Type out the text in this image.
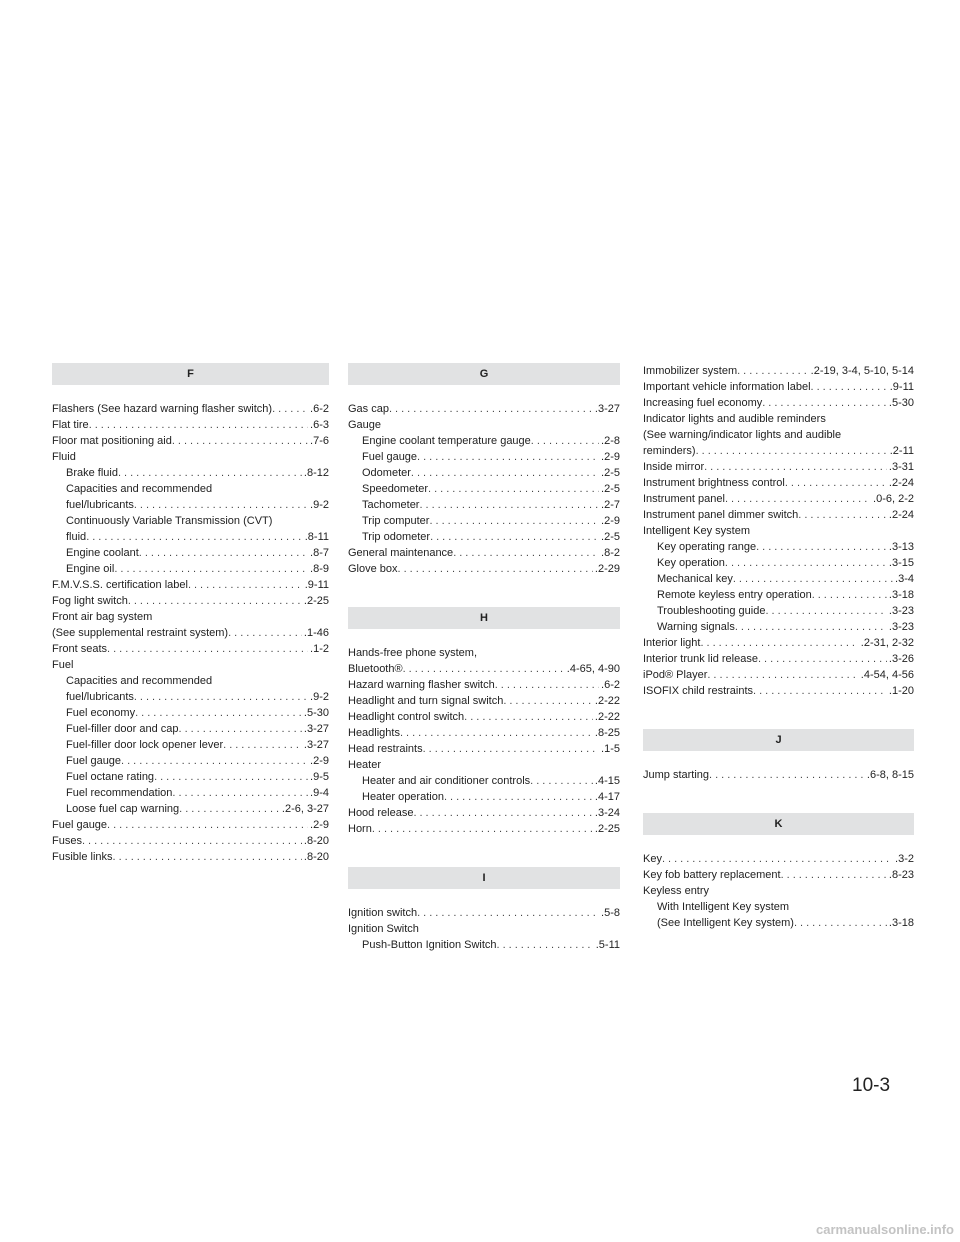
F
Flashers (See hazard warning flasher switch) .....	.6-2
Flat tire .....	.6-3
Floor mat positioning aid .....	.7-6
Fluid
Brake fluid .....	.8-12
Capacities and recommended
fuel/lubricants .....	.9-2
Continuously Variable Transmission (CVT)
fluid .....	.8-11
Engine coolant .....	.8-7
Engine oil .....	.8-9
F.M.V.S.S. certification label .....	.9-11
Fog light switch .....	.2-25
Front air bag system
(See supplemental restraint system) .....	.1-46
Front seats .....	.1-2
Fuel
Capacities and recommended
fuel/lubricants .....	.9-2
Fuel economy .....	.5-30
Fuel-filler door and cap .....	.3-27
Fuel-filler door lock opener lever .....	.3-27
Fuel gauge .....	.2-9
Fuel octane rating .....	.9-5
Fuel recommendation .....	.9-4
Loose fuel cap warning .....	.2-6, 3-27
Fuel gauge .....	.2-9
Fuses .....	.8-20
Fusible links .....	.8-20
G
Gas cap .....	.3-27
Gauge
Engine coolant temperature gauge .....	.2-8
Fuel gauge .....	.2-9
Odometer .....	.2-5
Speedometer .....	.2-5
Tachometer .....	.2-7
Trip computer .....	.2-9
Trip odometer .....	.2-5
General maintenance .....	.8-2
Glove box .....	.2-29
H
Hands-free phone system,
Bluetooth® .....	.4-65, 4-90
Hazard warning flasher switch .....	.6-2
Headlight and turn signal switch .....	.2-22
Headlight control switch .....	.2-22
Headlights .....	.8-25
Head restraints .....	.1-5
Heater
Heater and air conditioner controls .....	.4-15
Heater operation .....	.4-17
Hood release .....	.3-24
Horn .....	.2-25
I
Ignition switch .....	.5-8
Ignition Switch
Push-Button Ignition Switch .....	.5-11
Immobilizer system .....	.2-19, 3-4, 5-10, 5-14
Important vehicle information label .....	.9-11
Increasing fuel economy .....	.5-30
Indicator lights and audible reminders
(See warning/indicator lights and audible
reminders) .....	.2-11
Inside mirror .....	.3-31
Instrument brightness control .....	.2-24
Instrument panel .....	.0-6, 2-2
Instrument panel dimmer switch .....	.2-24
Intelligent Key system
Key operating range .....	.3-13
Key operation .....	.3-15
Mechanical key .....	.3-4
Remote keyless entry operation .....	.3-18
Troubleshooting guide .....	.3-23
Warning signals .....	.3-23
Interior light .....	.2-31, 2-32
Interior trunk lid release .....	.3-26
iPod® Player .....	.4-54, 4-56
ISOFIX child restraints .....	.1-20
J
Jump starting .....	.6-8, 8-15
K
Key .....	.3-2
Key fob battery replacement .....	.8-23
Keyless entry
With Intelligent Key system
(See Intelligent Key system) .....	.3-18
10-3
carmanualsonline.info
